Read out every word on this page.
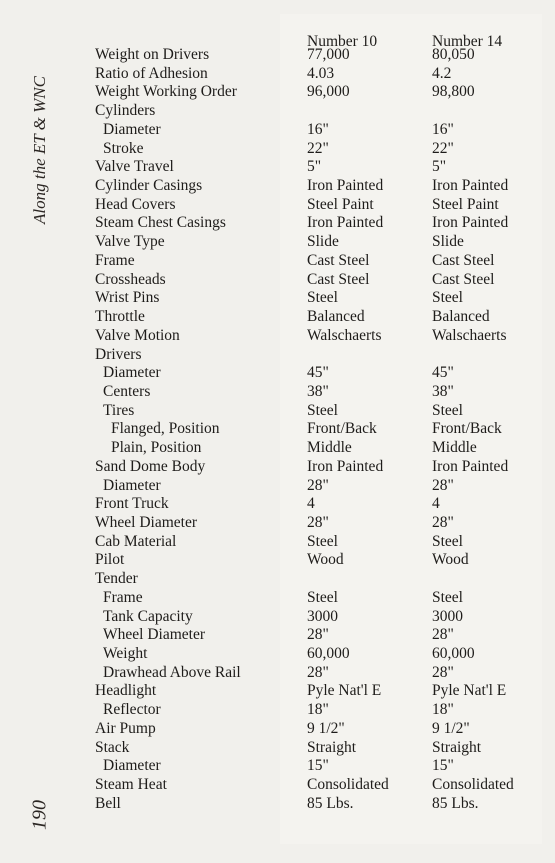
Along the ET & WNC
190
Number 10	Number 14
Weight on Drivers	77,000	80,050
Ratio of Adhesion	4.03	4.2
Weight Working Order	96,000	98,800
Cylinders
Diameter	16"	16"
Stroke	22"	22"
Valve Travel	5"	5"
Cylinder Casings	Iron Painted	Iron Painted
Head Covers	Steel Paint	Steel Paint
Steam Chest Casings	Iron Painted	Iron Painted
Valve Type	Slide	Slide
Frame	Cast Steel	Cast Steel
Crossheads	Cast Steel	Cast Steel
Wrist Pins	Steel	Steel
Throttle	Balanced	Balanced
Valve Motion	Walschaerts	Walschaerts
Drivers
Diameter	45"	45"
Centers	38"	38"
Tires	Steel	Steel
Flanged, Position	Front/Back	Front/Back
Plain, Position	Middle	Middle
Sand Dome Body	Iron Painted	Iron Painted
Diameter	28"	28"
Front Truck	4	4
Wheel Diameter	28"	28"
Cab Material	Steel	Steel
Pilot	Wood	Wood
Tender
Frame	Steel	Steel
Tank Capacity	3000	3000
Wheel Diameter	28"	28"
Weight	60,000	60,000
Drawhead Above Rail	28"	28"
Headlight	Pyle Nat'l E	Pyle Nat'l E
Reflector	18"	18"
Air Pump	9 1/2"	9 1/2"
Stack	Straight	Straight
Diameter	15"	15"
Steam Heat	Consolidated	Consolidated
Bell	85 Lbs.	85 Lbs.
